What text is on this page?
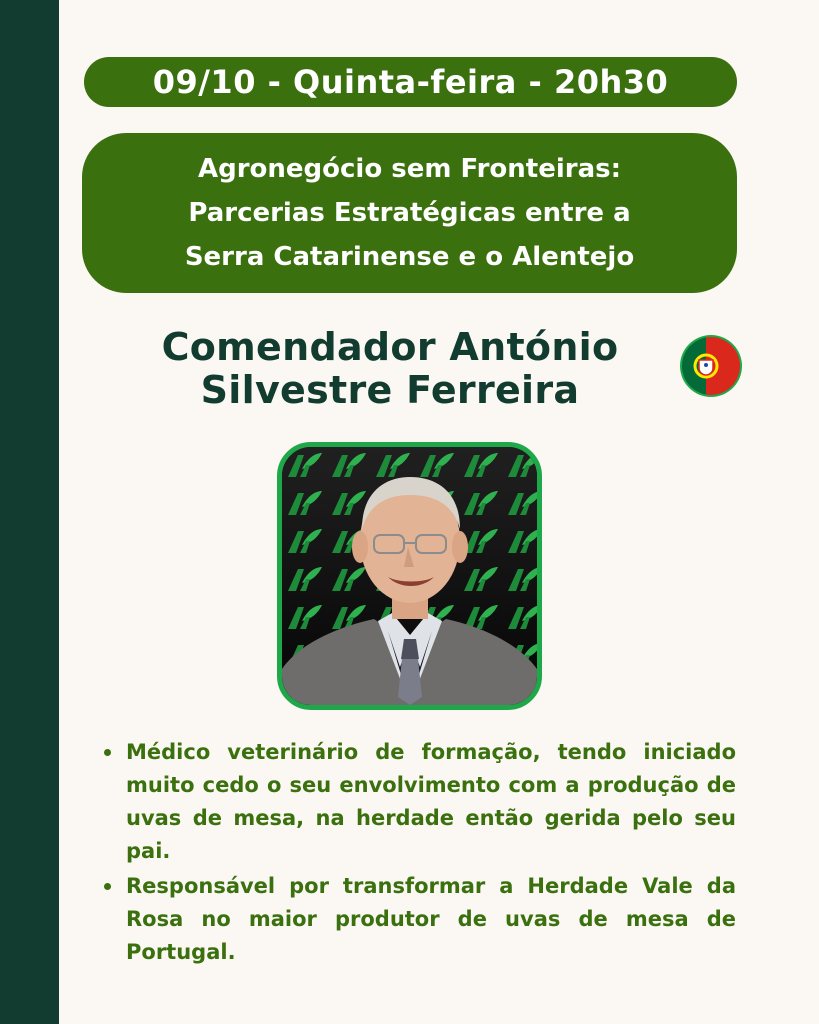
09/10 - Quinta-feira - 20h30
Agronegócio sem Fronteiras:
Parcerias Estratégicas entre a
Serra Catarinense e o Alentejo
Comendador António
Silvestre Ferreira
Médico veterinário de formação, tendo iniciado muito cedo o seu envolvimento com a produção de uvas de mesa, na herdade então gerida pelo seu pai.
Responsável por transformar a Herdade Vale da Rosa no maior produtor de uvas de mesa de Portugal.
